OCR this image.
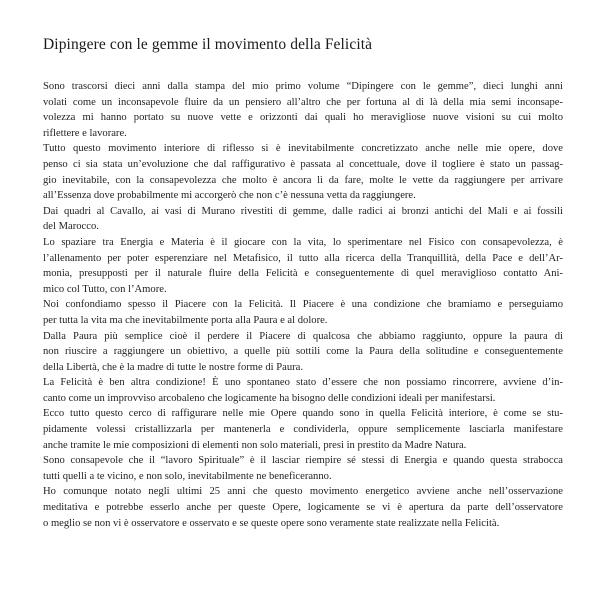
Dipingere con le gemme il movimento della Felicità
Sono trascorsi dieci anni dalla stampa del mio primo volume “Dipingere con le gemme”, dieci lunghi anni
volati come un inconsapevole fluire da un pensiero all’altro che per fortuna al di là della mia semi inconsape-
volezza mi hanno portato su nuove vette e orizzonti dai quali ho meravigliose nuove visioni su cui molto
riflettere e lavorare.
Tutto questo movimento interiore di riflesso si è inevitabilmente concretizzato anche nelle mie opere, dove
penso ci sia stata un’evoluzione che dal raffigurativo è passata al concettuale, dove il togliere è stato un passag-
gio inevitabile, con la consapevolezza che molto è ancora lì da fare, molte le vette da raggiungere per arrivare
all’Essenza dove probabilmente mi accorgerò che non c’è nessuna vetta da raggiungere.
Dai quadri al Cavallo, ai vasi di Murano rivestiti di gemme, dalle radici ai bronzi antichi del Mali e ai fossili
del Marocco.
Lo spaziare tra Energia e Materia è il giocare con la vita, lo sperimentare nel Fisico con consapevolezza, è
l’allenamento per poter esperenziare nel Metafisico, il tutto alla ricerca della Tranquillità, della Pace e dell’Ar-
monia, presupposti per il naturale fluire della Felicità e conseguentemente di quel meraviglioso contatto Ani-
mico col Tutto, con l’Amore.
Noi confondiamo spesso il Piacere con la Felicità. Il Piacere è una condizione che bramiamo e perseguiamo
per tutta la vita ma che inevitabilmente porta alla Paura e al dolore.
Dalla Paura più semplice cioè il perdere il Piacere di qualcosa che abbiamo raggiunto, oppure la paura di
non riuscire a raggiungere un obiettivo, a quelle più sottili come la Paura della solitudine e conseguentemente
della Libertà, che è la madre di tutte le nostre forme di Paura.
La Felicità è ben altra condizione! È uno spontaneo stato d’essere che non possiamo rincorrere, avviene d’in-
canto come un improvviso arcobaleno che logicamente ha bisogno delle condizioni ideali per manifestarsi.
Ecco tutto questo cerco di raffigurare nelle mie Opere quando sono in quella Felicità interiore, è come se stu-
pidamente volessi cristallizzarla per mantenerla e condividerla, oppure semplicemente lasciarla manifestare
anche tramite le mie composizioni di elementi non solo materiali, presi in prestito da Madre Natura.
Sono consapevole che il “lavoro Spirituale” è il lasciar riempire sé stessi di Energia e quando questa strabocca
tutti quelli a te vicino, e non solo, inevitabilmente ne beneficeranno.
Ho comunque notato negli ultimi 25 anni che questo movimento energetico avviene anche nell’osservazione
meditativa e potrebbe esserlo anche per queste Opere, logicamente se vi è apertura da parte dell’osservatore
o meglio se non vi è osservatore e osservato e se queste opere sono veramente state realizzate nella Felicità.
